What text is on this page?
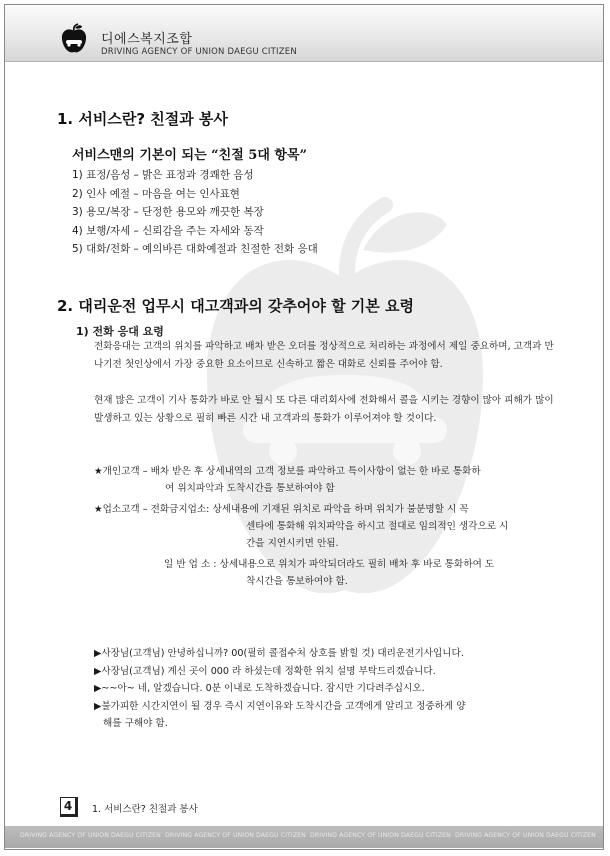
디에스복지조합
DRIVING AGENCY OF UNION DAEGU CITIZEN
1. 서비스란? 친절과 봉사
서비스맨의 기본이 되는 “친절 5대 항목”
1) 표정/음성 – 밝은 표정과 경쾌한 음성
2) 인사 예절 – 마음을 여는 인사표현
3) 용모/복장 – 단정한 용모와 깨끗한 복장
4) 보행/자세 – 신뢰감을 주는 자세와 동작
5) 대화/전화 – 예의바른 대화예절과 친절한 전화 응대
2. 대리운전 업무시 대고객과의 갖추어야 할 기본 요령
1) 전화 응대 요령

전화응대는 고객의 위치를 파악하고 배차 받은 오더를 정상적으로 처리하는 과정에서 제일 중요하며, 고객과 만나기전 첫인상에서 가장 중요한 요소이므로 신속하고 짧은 대화로 신뢰를 주어야 함.

현재 많은 고객이 기사 통화가 바로 안 될시 또 다른 대리회사에 전화해서 콜을 시키는 경향이 많아 피해가 많이 발생하고 있는 상황으로 필히 빠른 시간 내 고객과의 통화가 이루어져야 할 것이다.

★개인고객 – 배차 받은 후 상세내역의 고객 정보를 파악하고 특이사항이 없는 한 바로 통화하

여 위치파악과 도착시간을 통보하여야 함

★업소고객 – 전화금지업소: 상세내용에 기재된 위치로 파악을 하며 위치가 불분명할 시 꼭

센타에 통화해 위치파악을 하시고 절대로 임의적인 생각으로 시

간을 지연시키면 안됨.

일 반 업 소 : 상세내용으로 위치가 파악되더라도 필히 배차 후 바로 통화하여 도

착시간을 통보하여야 함.

▶사장님(고객님) 안녕하십니까? 00(필히 콜접수처 상호를 밝힐 것) 대리운전기사입니다.
▶사장님(고객님) 계신 곳이 000 라 하셨는데 정확한 위치 설명 부탁드리겠습니다.
▶~~아~ 네, 알겠습니다. 0분 이내로 도착하겠습니다. 잠시만 기다려주십시오.
▶불가피한 시간지연이 될 경우 즉시 지연이유와 도착시간을 고객에게 알리고 정중하게 양
해를 구해야 함.
4	1. 서비스란? 친절과 봉사
DRIVING AGENCY OF UNION DAEGU CITIZEN DRIVING AGENCY OF UNION DAEGU CITIZEN DRIVING AGENCY OF UNION DAEGU CITIZEN DRIVING AGENCY OF UNION DAEGU CITIZEN
